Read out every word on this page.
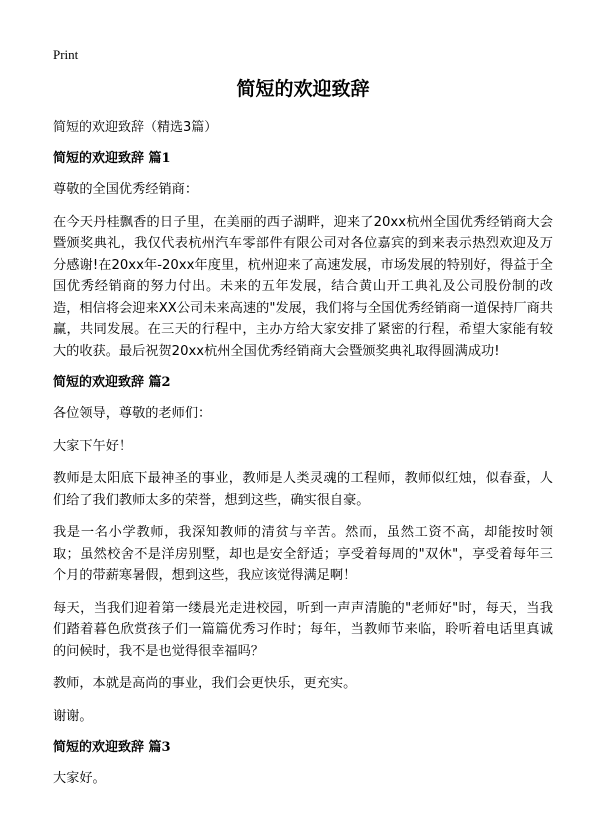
Print
简短的欢迎致辞
简短的欢迎致辞（精选3篇）
简短的欢迎致辞 篇1
尊敬的全国优秀经销商：
在今天丹桂飘香的日子里，在美丽的西子湖畔，迎来了20xx杭州全国优秀经销商大会暨颁奖典礼，我仅代表杭州汽车零部件有限公司对各位嘉宾的到来表示热烈欢迎及万分感谢!在20xx年-20xx年度里，杭州迎来了高速发展，市场发展的特别好，得益于全国优秀经销商的努力付出。未来的五年发展，结合黄山开工典礼及公司股份制的改造，相信将会迎来XX公司未来高速的"发展，我们将与全国优秀经销商一道保持厂商共赢，共同发展。在三天的行程中，主办方给大家安排了紧密的行程，希望大家能有较大的收获。最后祝贺20xx杭州全国优秀经销商大会暨颁奖典礼取得圆满成功!
简短的欢迎致辞 篇2
各位领导，尊敬的老师们：
大家下午好！
教师是太阳底下最神圣的事业，教师是人类灵魂的工程师，教师似红烛，似春蚕，人们给了我们教师太多的荣誉，想到这些，确实很自豪。
我是一名小学教师，我深知教师的清贫与辛苦。然而，虽然工资不高，却能按时领取；虽然校舍不是洋房别墅，却也是安全舒适；享受着每周的"双休"，享受着每年三个月的带薪寒暑假，想到这些，我应该觉得满足啊！
每天，当我们迎着第一缕晨光走进校园，听到一声声清脆的"老师好"时，每天，当我们踏着暮色欣赏孩子们一篇篇优秀习作时；每年，当教师节来临，聆听着电话里真诚的问候时，我不是也觉得很幸福吗？
教师，本就是高尚的事业，我们会更快乐，更充实。
谢谢。
简短的欢迎致辞 篇3
大家好。
